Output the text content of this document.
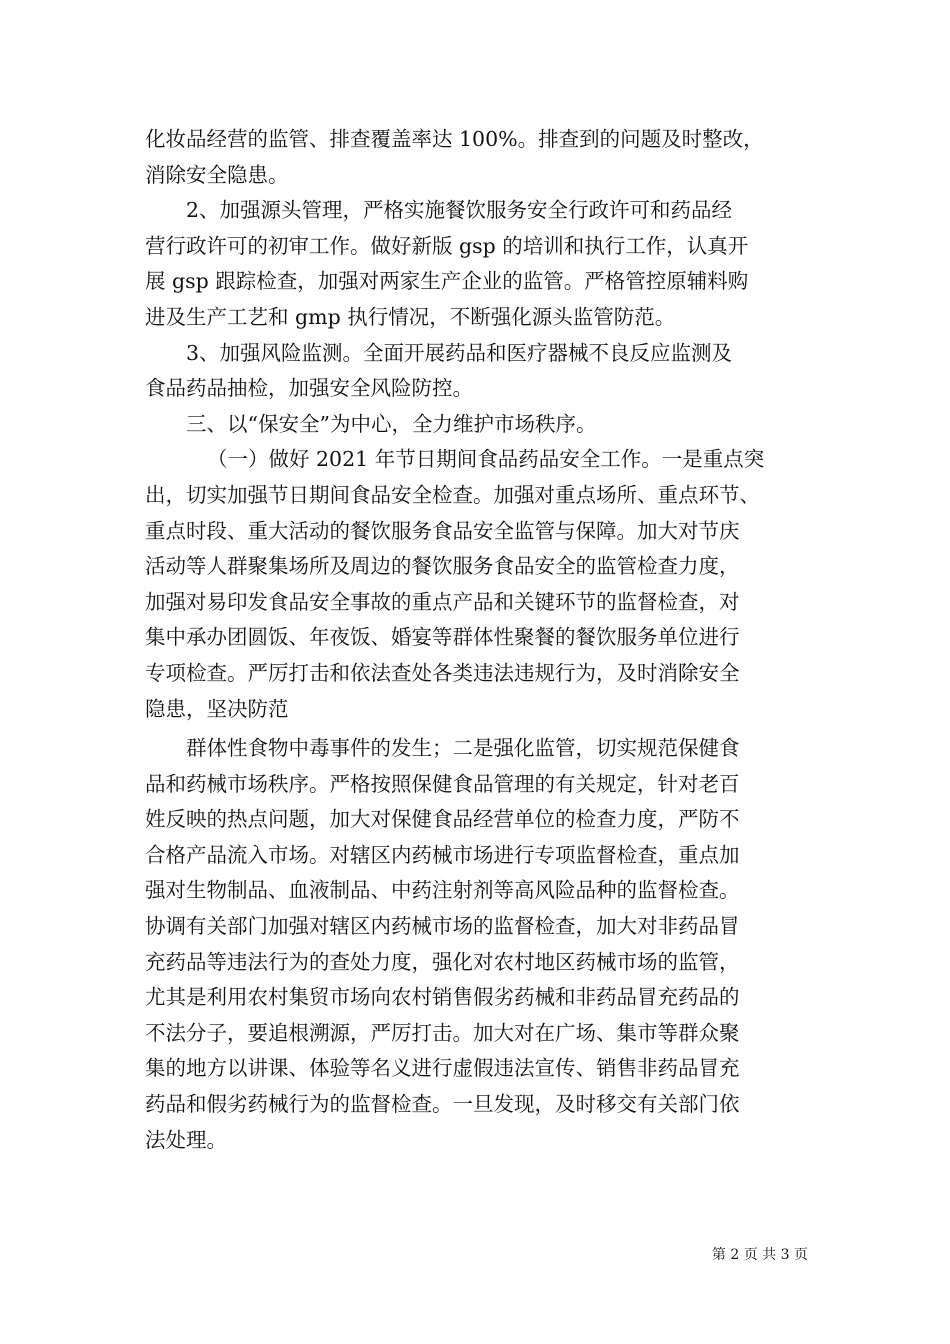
化妆品经营的监管、排查覆盖率达 100%。排查到的问题及时整改，
消除安全隐患。

2、加强源头管理，严格实施餐饮服务安全行政许可和药品经
营行政许可的初审工作。做好新版 gsp 的培训和执行工作，认真开
展 gsp 跟踪检查，加强对两家生产企业的监管。严格管控原辅料购
进及生产工艺和 gmp 执行情况，不断强化源头监管防范。

3、加强风险监测。全面开展药品和医疗器械不良反应监测及
食品药品抽检，加强安全风险防控。

三、以“保安全”为中心，全力维护市场秩序。

（一）做好 2021 年节日期间食品药品安全工作。一是重点突
出，切实加强节日期间食品安全检查。加强对重点场所、重点环节、
重点时段、重大活动的餐饮服务食品安全监管与保障。加大对节庆
活动等人群聚集场所及周边的餐饮服务食品安全的监管检查力度，
加强对易印发食品安全事故的重点产品和关键环节的监督检查，对
集中承办团圆饭、年夜饭、婚宴等群体性聚餐的餐饮服务单位进行
专项检查。严厉打击和依法查处各类违法违规行为，及时消除安全
隐患，坚决防范

群体性食物中毒事件的发生；二是强化监管，切实规范保健食
品和药械市场秩序。严格按照保健食品管理的有关规定，针对老百
姓反映的热点问题，加大对保健食品经营单位的检查力度，严防不
合格产品流入市场。对辖区内药械市场进行专项监督检查，重点加
强对生物制品、血液制品、中药注射剂等高风险品种的监督检查。
协调有关部门加强对辖区内药械市场的监督检查，加大对非药品冒
充药品等违法行为的查处力度，强化对农村地区药械市场的监管，
尤其是利用农村集贸市场向农村销售假劣药械和非药品冒充药品的
不法分子，要追根溯源，严厉打击。加大对在广场、集市等群众聚
集的地方以讲课、体验等名义进行虚假违法宣传、销售非药品冒充
药品和假劣药械行为的监督检查。一旦发现，及时移交有关部门依
法处理。

第 2 页 共 3 页
